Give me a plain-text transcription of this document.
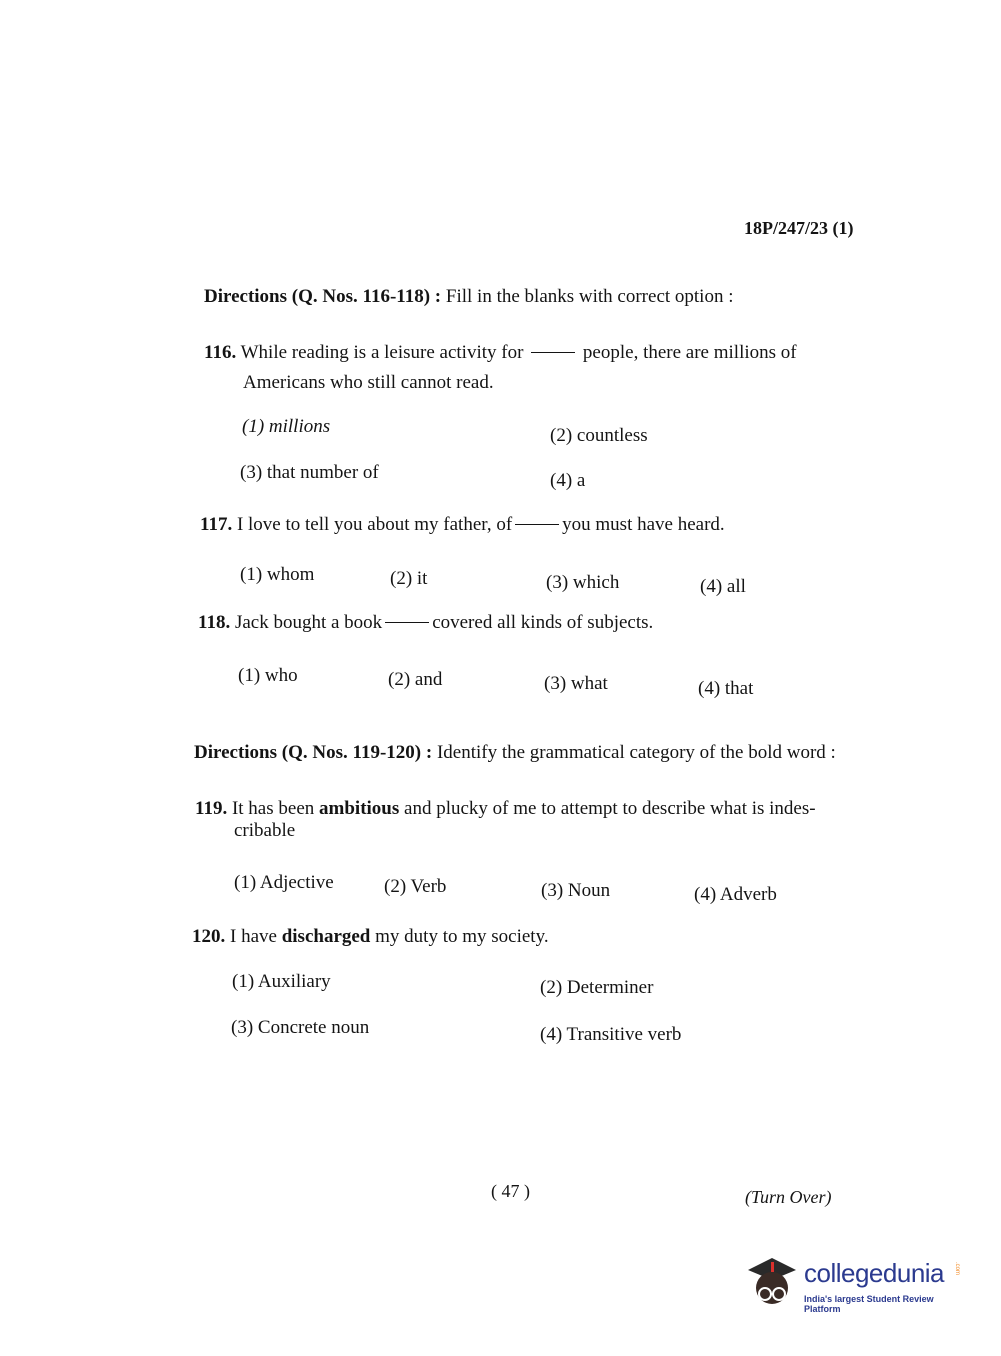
18P/247/23 (1)
Directions (Q. Nos. 116-118) : Fill in the blanks with correct option :
116. While reading is a leisure activity for	people, there are millions of
Americans who still cannot read.
(1) millions	(2) countless
(3) that number of	(4) a
117. I love to tell you about my father, of	you must have heard.
(1) whom	(2) it	(3) which	(4) all
118. Jack bought a book	covered all kinds of subjects.
(1) who	(2) and	(3) what	(4) that
Directions (Q. Nos. 119-120) : Identify the grammatical category of the bold word :
119. It has been ambitious and plucky of me to attempt to describe what is indes-
cribable
(1) Adjective	(2) Verb	(3) Noun	(4) Adverb
120. I have discharged my duty to my society.
(1) Auxiliary	(2) Determiner
(3) Concrete noun	(4) Transitive verb
( 47 )	(Turn Over)
collegedunia .com
India's largest Student Review Platform
